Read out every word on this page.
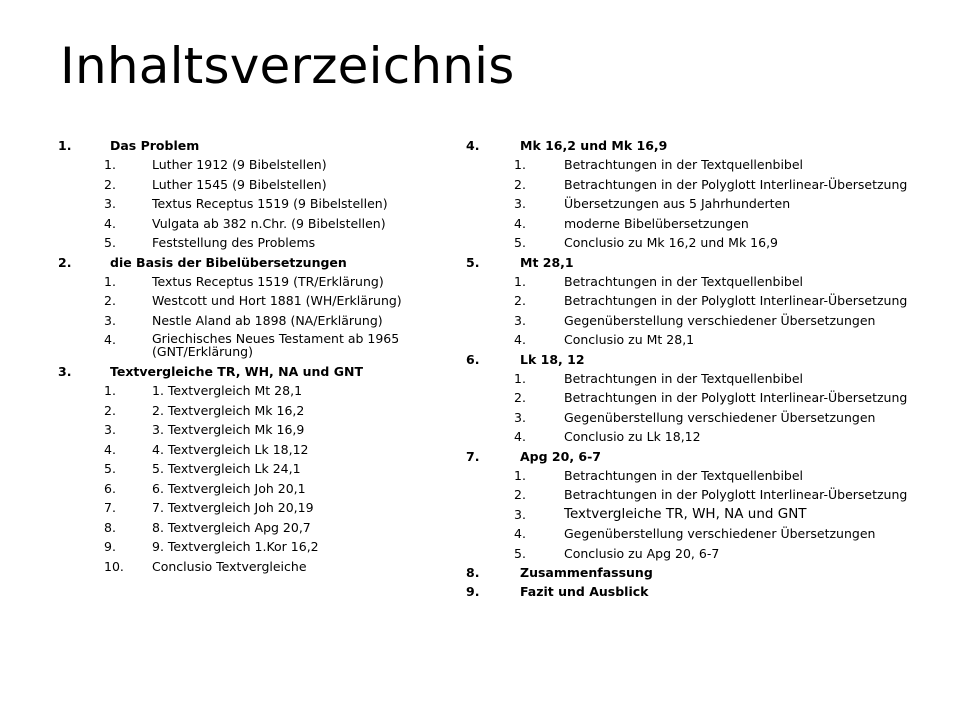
Inhaltsverzeichnis
1.	Das Problem
1.	Luther 1912 (9 Bibelstellen)
2.	Luther 1545 (9 Bibelstellen)
3.	Textus Receptus 1519 (9 Bibelstellen)
4.	Vulgata ab 382 n.Chr. (9 Bibelstellen)
5.	Feststellung des Problems
2.	die Basis der Bibelübersetzungen
1.	Textus Receptus 1519 (TR/Erklärung)
2.	Westcott und Hort 1881 (WH/Erklärung)
3.	Nestle Aland ab 1898 (NA/Erklärung)
4.	Griechisches Neues Testament ab 1965 (GNT/Erklärung)
3.	Textvergleiche TR, WH, NA und GNT
1.	1. Textvergleich Mt 28,1
2.	2. Textvergleich Mk 16,2
3.	3. Textvergleich Mk 16,9
4.	4. Textvergleich Lk 18,12
5.	5. Textvergleich Lk 24,1
6.	6. Textvergleich Joh 20,1
7.	7. Textvergleich Joh 20,19
8.	8. Textvergleich Apg 20,7
9.	9. Textvergleich 1.Kor 16,2
10.	Conclusio Textvergleiche
4.	Mk 16,2 und Mk 16,9
1.	Betrachtungen in der Textquellenbibel
2.	Betrachtungen in der Polyglott Interlinear-Übersetzung
3.	Übersetzungen aus 5 Jahrhunderten
4.	moderne Bibelübersetzungen
5.	Conclusio zu Mk 16,2 und Mk 16,9
5.	Mt 28,1
1.	Betrachtungen in der Textquellenbibel
2.	Betrachtungen in der Polyglott Interlinear-Übersetzung
3.	Gegenüberstellung verschiedener Übersetzungen
4.	Conclusio zu Mt 28,1
6.	Lk 18, 12
1.	Betrachtungen in der Textquellenbibel
2.	Betrachtungen in der Polyglott Interlinear-Übersetzung
3.	Gegenüberstellung verschiedener Übersetzungen
4.	Conclusio zu Lk 18,12
7.	Apg 20, 6-7
1.	Betrachtungen in der Textquellenbibel
2.	Betrachtungen in der Polyglott Interlinear-Übersetzung
3.	Textvergleiche TR, WH, NA und GNT
4.	Gegenüberstellung verschiedener Übersetzungen
5.	Conclusio zu Apg 20, 6-7
8.	Zusammenfassung
9.	Fazit und Ausblick
